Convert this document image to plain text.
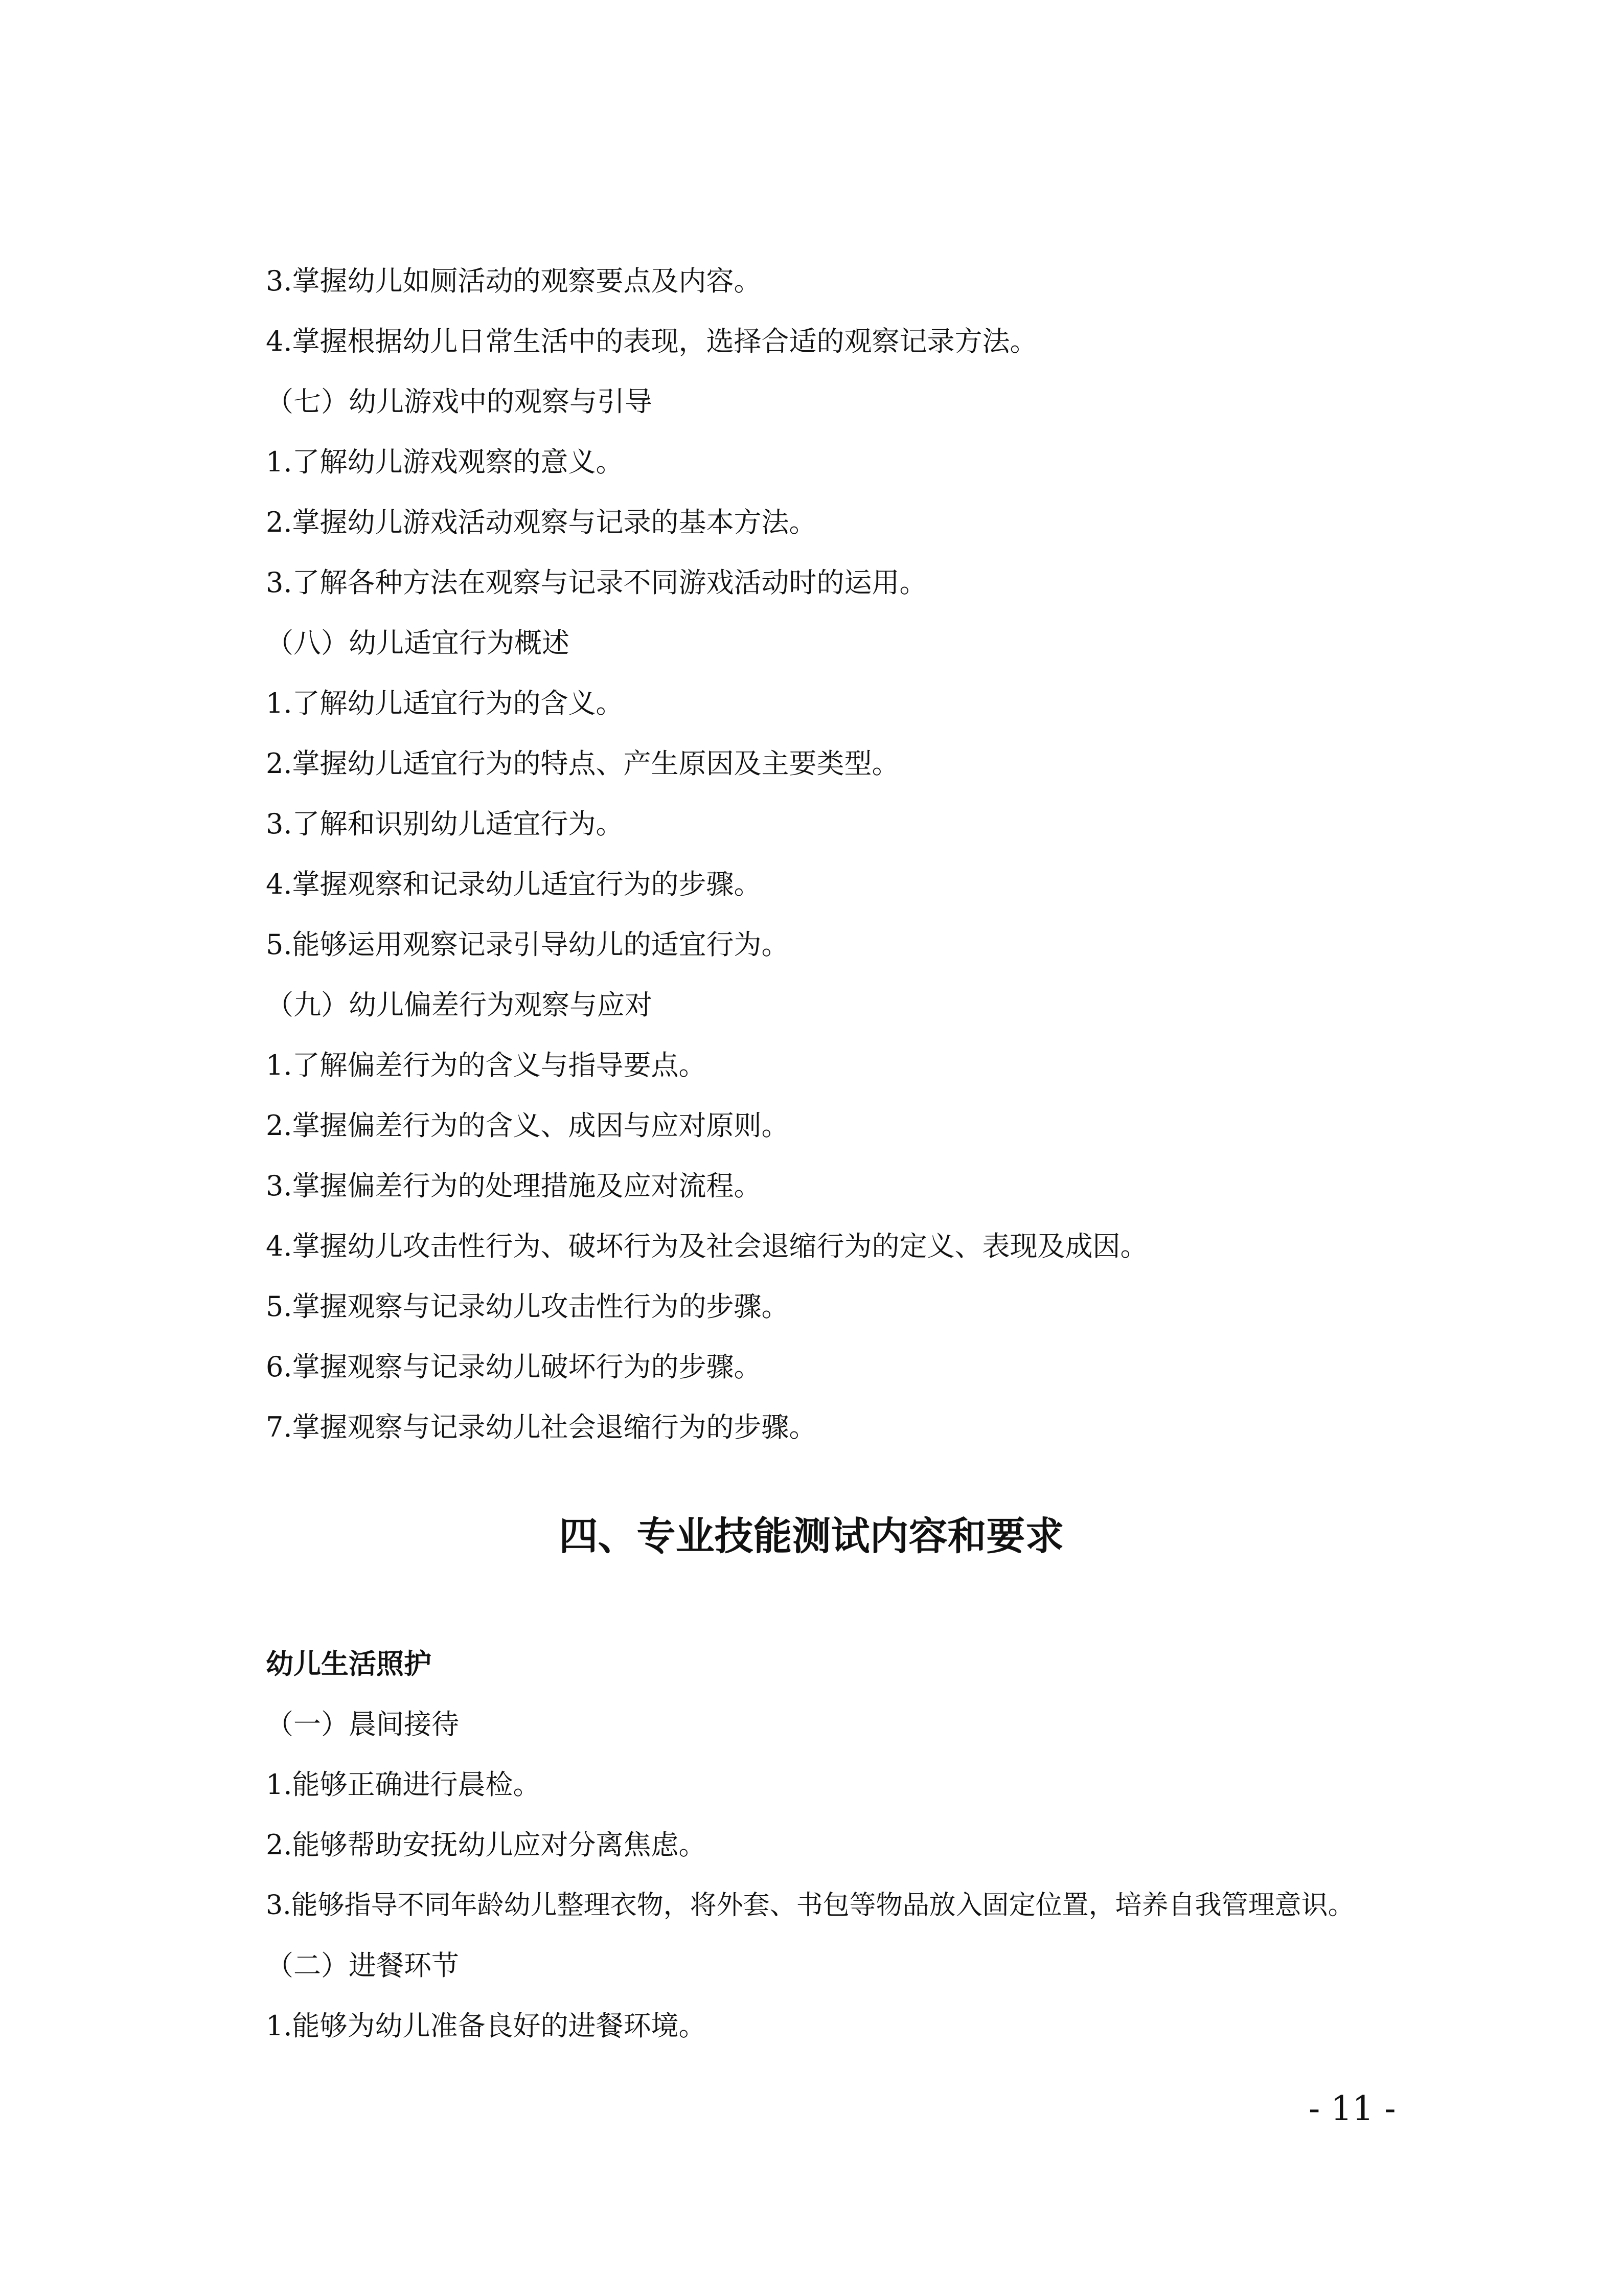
3.掌握幼儿如厕活动的观察要点及内容。
4.掌握根据幼儿日常生活中的表现，选择合适的观察记录方法。
（七）幼儿游戏中的观察与引导
1.了解幼儿游戏观察的意义。
2.掌握幼儿游戏活动观察与记录的基本方法。
3.了解各种方法在观察与记录不同游戏活动时的运用。
（八）幼儿适宜行为概述
1.了解幼儿适宜行为的含义。
2.掌握幼儿适宜行为的特点、产生原因及主要类型。
3.了解和识别幼儿适宜行为。
4.掌握观察和记录幼儿适宜行为的步骤。
5.能够运用观察记录引导幼儿的适宜行为。
（九）幼儿偏差行为观察与应对
1.了解偏差行为的含义与指导要点。
2.掌握偏差行为的含义、成因与应对原则。
3.掌握偏差行为的处理措施及应对流程。
4.掌握幼儿攻击性行为、破坏行为及社会退缩行为的定义、表现及成因。
5.掌握观察与记录幼儿攻击性行为的步骤。
6.掌握观察与记录幼儿破坏行为的步骤。
7.掌握观察与记录幼儿社会退缩行为的步骤。
四、专业技能测试内容和要求
幼儿生活照护
（一）晨间接待
1.能够正确进行晨检。
2.能够帮助安抚幼儿应对分离焦虑。
3.能够指导不同年龄幼儿整理衣物，将外套、书包等物品放入固定位置，培养自我管理意识。
（二）进餐环节
1.能够为幼儿准备良好的进餐环境。
- 11 -
